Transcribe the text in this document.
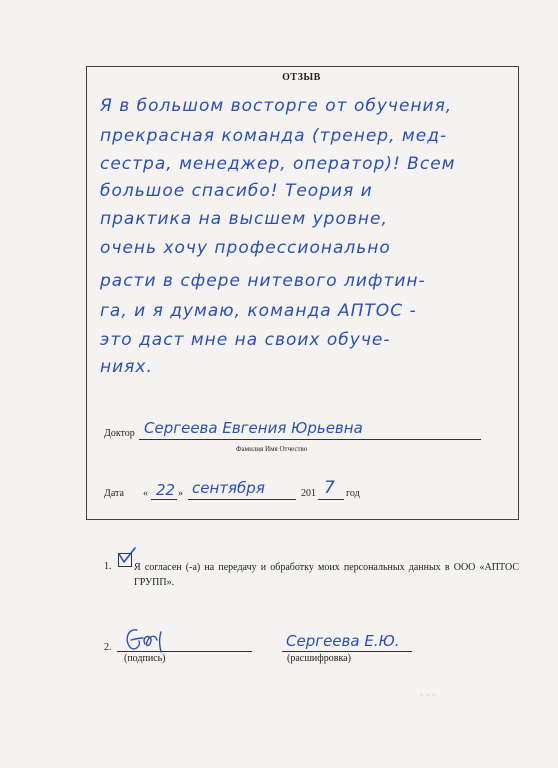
ОТЗЫВ
Я в большом восторге от обучения,
прекрасная команда (тренер, мед-
сестра, менеджер, оператор)! Всем
большое спасибо! Теория и
практика на высшем уровне,
очень хочу профессионально
расти в сфере нитевого лифтин-
га, и я думаю, команда АПТОС -
это даст мне на своих обуче-
ниях.
Доктор Сергеева Евгения Юрьевна
Фамилия Имя Отчество
Дата « 22 » сентября	201 7 год
1. Я согласен (-а) на передачу и обработку моих персональных данных в ООО «АПТОС ГРУПП».
2.
(подпись)
Сергеева Е.Ю.
(расшифровка)
▫ ▫ ▫
